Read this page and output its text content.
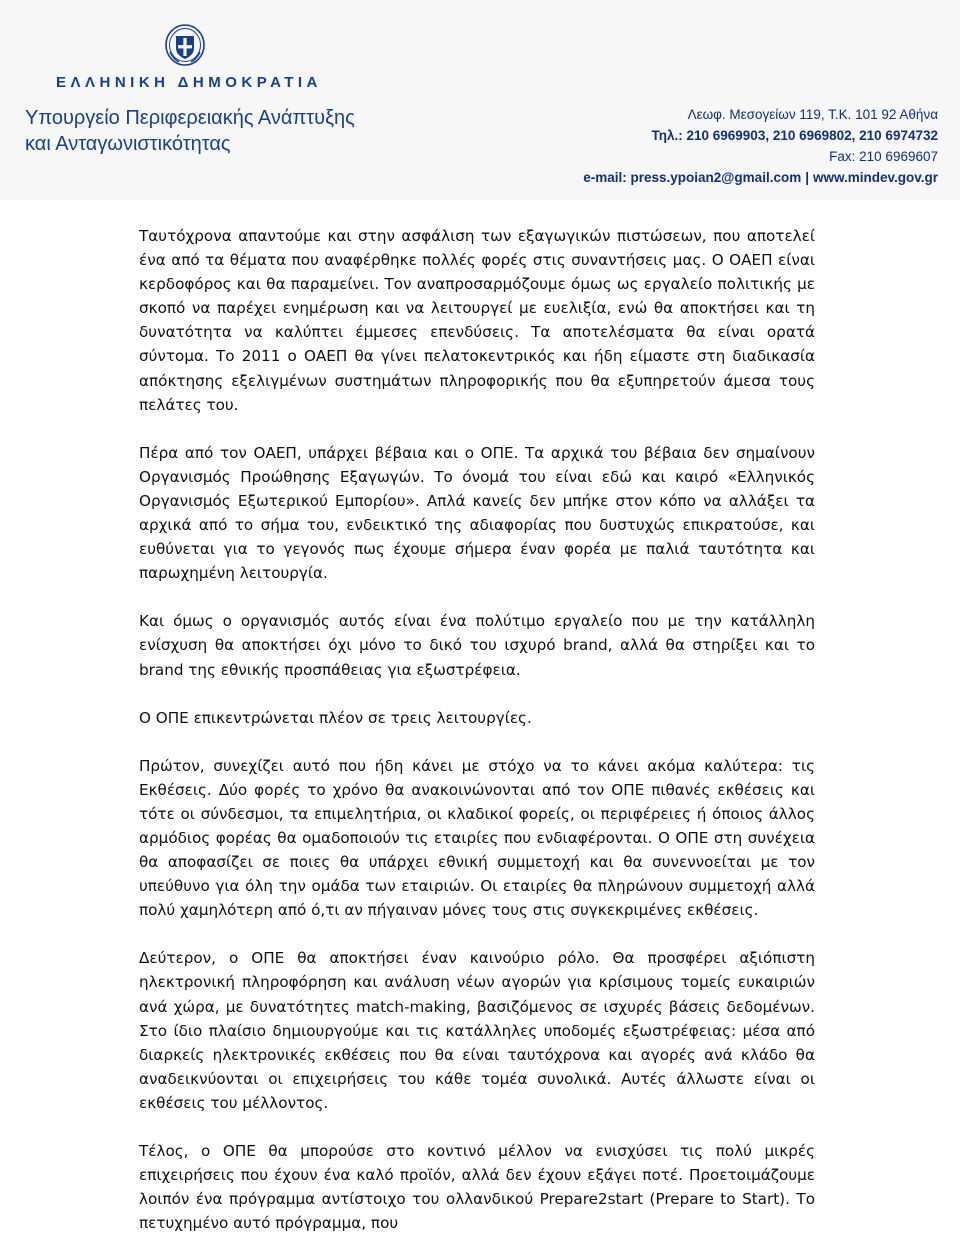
ΕΛΛΗΝΙΚΗ ΔΗΜΟΚΡΑΤΙΑ
Υπουργείο Περιφερειακής Ανάπτυξης
και Ανταγωνιστικότητας
Λεωφ. Μεσογείων 119, Τ.Κ. 101 92 Αθήνα
Τηλ.: 210 6969903, 210 6969802, 210 6974732
Fax: 210 6969607
e-mail: press.ypoian2@gmail.com | www.mindev.gov.gr

Ταυτόχρονα απαντούμε και στην ασφάλιση των εξαγωγικών πιστώσεων, που αποτελεί ένα από τα θέματα που αναφέρθηκε πολλές φορές στις συναντήσεις μας. Ο ΟΑΕΠ είναι κερδοφόρος και θα παραμείνει. Τον αναπροσαρμόζουμε όμως ως εργαλείο πολιτικής με σκοπό να παρέχει ενημέρωση και να λειτουργεί με ευελιξία, ενώ θα αποκτήσει και τη δυνατότητα να καλύπτει έμμεσες επενδύσεις. Τα αποτελέσματα θα είναι ορατά σύντομα. Το 2011 ο ΟΑΕΠ θα γίνει πελατοκεντρικός και ήδη είμαστε στη διαδικασία απόκτησης εξελιγμένων συστημάτων πληροφορικής που θα εξυπηρετούν άμεσα τους πελάτες του.

Πέρα από τον ΟΑΕΠ, υπάρχει βέβαια και ο ΟΠΕ. Τα αρχικά του βέβαια δεν σημαίνουν Οργανισμός Προώθησης Εξαγωγών. Το όνομά του είναι εδώ και καιρό «Ελληνικός Οργανισμός Εξωτερικού Εμπορίου». Απλά κανείς δεν μπήκε στον κόπο να αλλάξει τα αρχικά από το σήμα του, ενδεικτικό της αδιαφορίας που δυστυχώς επικρατούσε, και ευθύνεται για το γεγονός πως έχουμε σήμερα έναν φορέα με παλιά ταυτότητα και παρωχημένη λειτουργία.

Και όμως ο οργανισμός αυτός είναι ένα πολύτιμο εργαλείο που με την κατάλληλη ενίσχυση θα αποκτήσει όχι μόνο το δικό του ισχυρό brand, αλλά θα στηρίξει και το brand της εθνικής προσπάθειας για εξωστρέφεια.

Ο ΟΠΕ επικεντρώνεται πλέον σε τρεις λειτουργίες.

Πρώτον, συνεχίζει αυτό που ήδη κάνει με στόχο να το κάνει ακόμα καλύτερα: τις Εκθέσεις. Δύο φορές το χρόνο θα ανακοινώνονται από τον ΟΠΕ πιθανές εκθέσεις και τότε οι σύνδεσμοι, τα επιμελητήρια, οι κλαδικοί φορείς, οι περιφέρειες ή όποιος άλλος αρμόδιος φορέας θα ομαδοποιούν τις εταιρίες που ενδιαφέρονται. Ο ΟΠΕ στη συνέχεια θα αποφασίζει σε ποιες θα υπάρχει εθνική συμμετοχή και θα συνεννοείται με τον υπεύθυνο για όλη την ομάδα των εταιριών. Οι εταιρίες θα πληρώνουν συμμετοχή αλλά πολύ χαμηλότερη από ό,τι αν πήγαιναν μόνες τους στις συγκεκριμένες εκθέσεις.

Δεύτερον, ο ΟΠΕ θα αποκτήσει έναν καινούριο ρόλο. Θα προσφέρει αξιόπιστη ηλεκτρονική πληροφόρηση και ανάλυση νέων αγορών για κρίσιμους τομείς ευκαιριών ανά χώρα, με δυνατότητες match-making, βασιζόμενος σε ισχυρές βάσεις δεδομένων. Στο ίδιο πλαίσιο δημιουργούμε και τις κατάλληλες υποδομές εξωστρέφειας: μέσα από διαρκείς ηλεκτρονικές εκθέσεις που θα είναι ταυτόχρονα και αγορές ανά κλάδο θα αναδεικνύονται οι επιχειρήσεις του κάθε τομέα συνολικά. Αυτές άλλωστε είναι οι εκθέσεις του μέλλοντος.

Τέλος, ο ΟΠΕ θα μπορούσε στο κοντινό μέλλον να ενισχύσει τις πολύ μικρές επιχειρήσεις που έχουν ένα καλό προϊόν, αλλά δεν έχουν εξάγει ποτέ. Προετοιμάζουμε λοιπόν ένα πρόγραμμα αντίστοιχο του ολλανδικού Prepare2start (Prepare to Start). Το πετυχημένο αυτό πρόγραμμα, που
